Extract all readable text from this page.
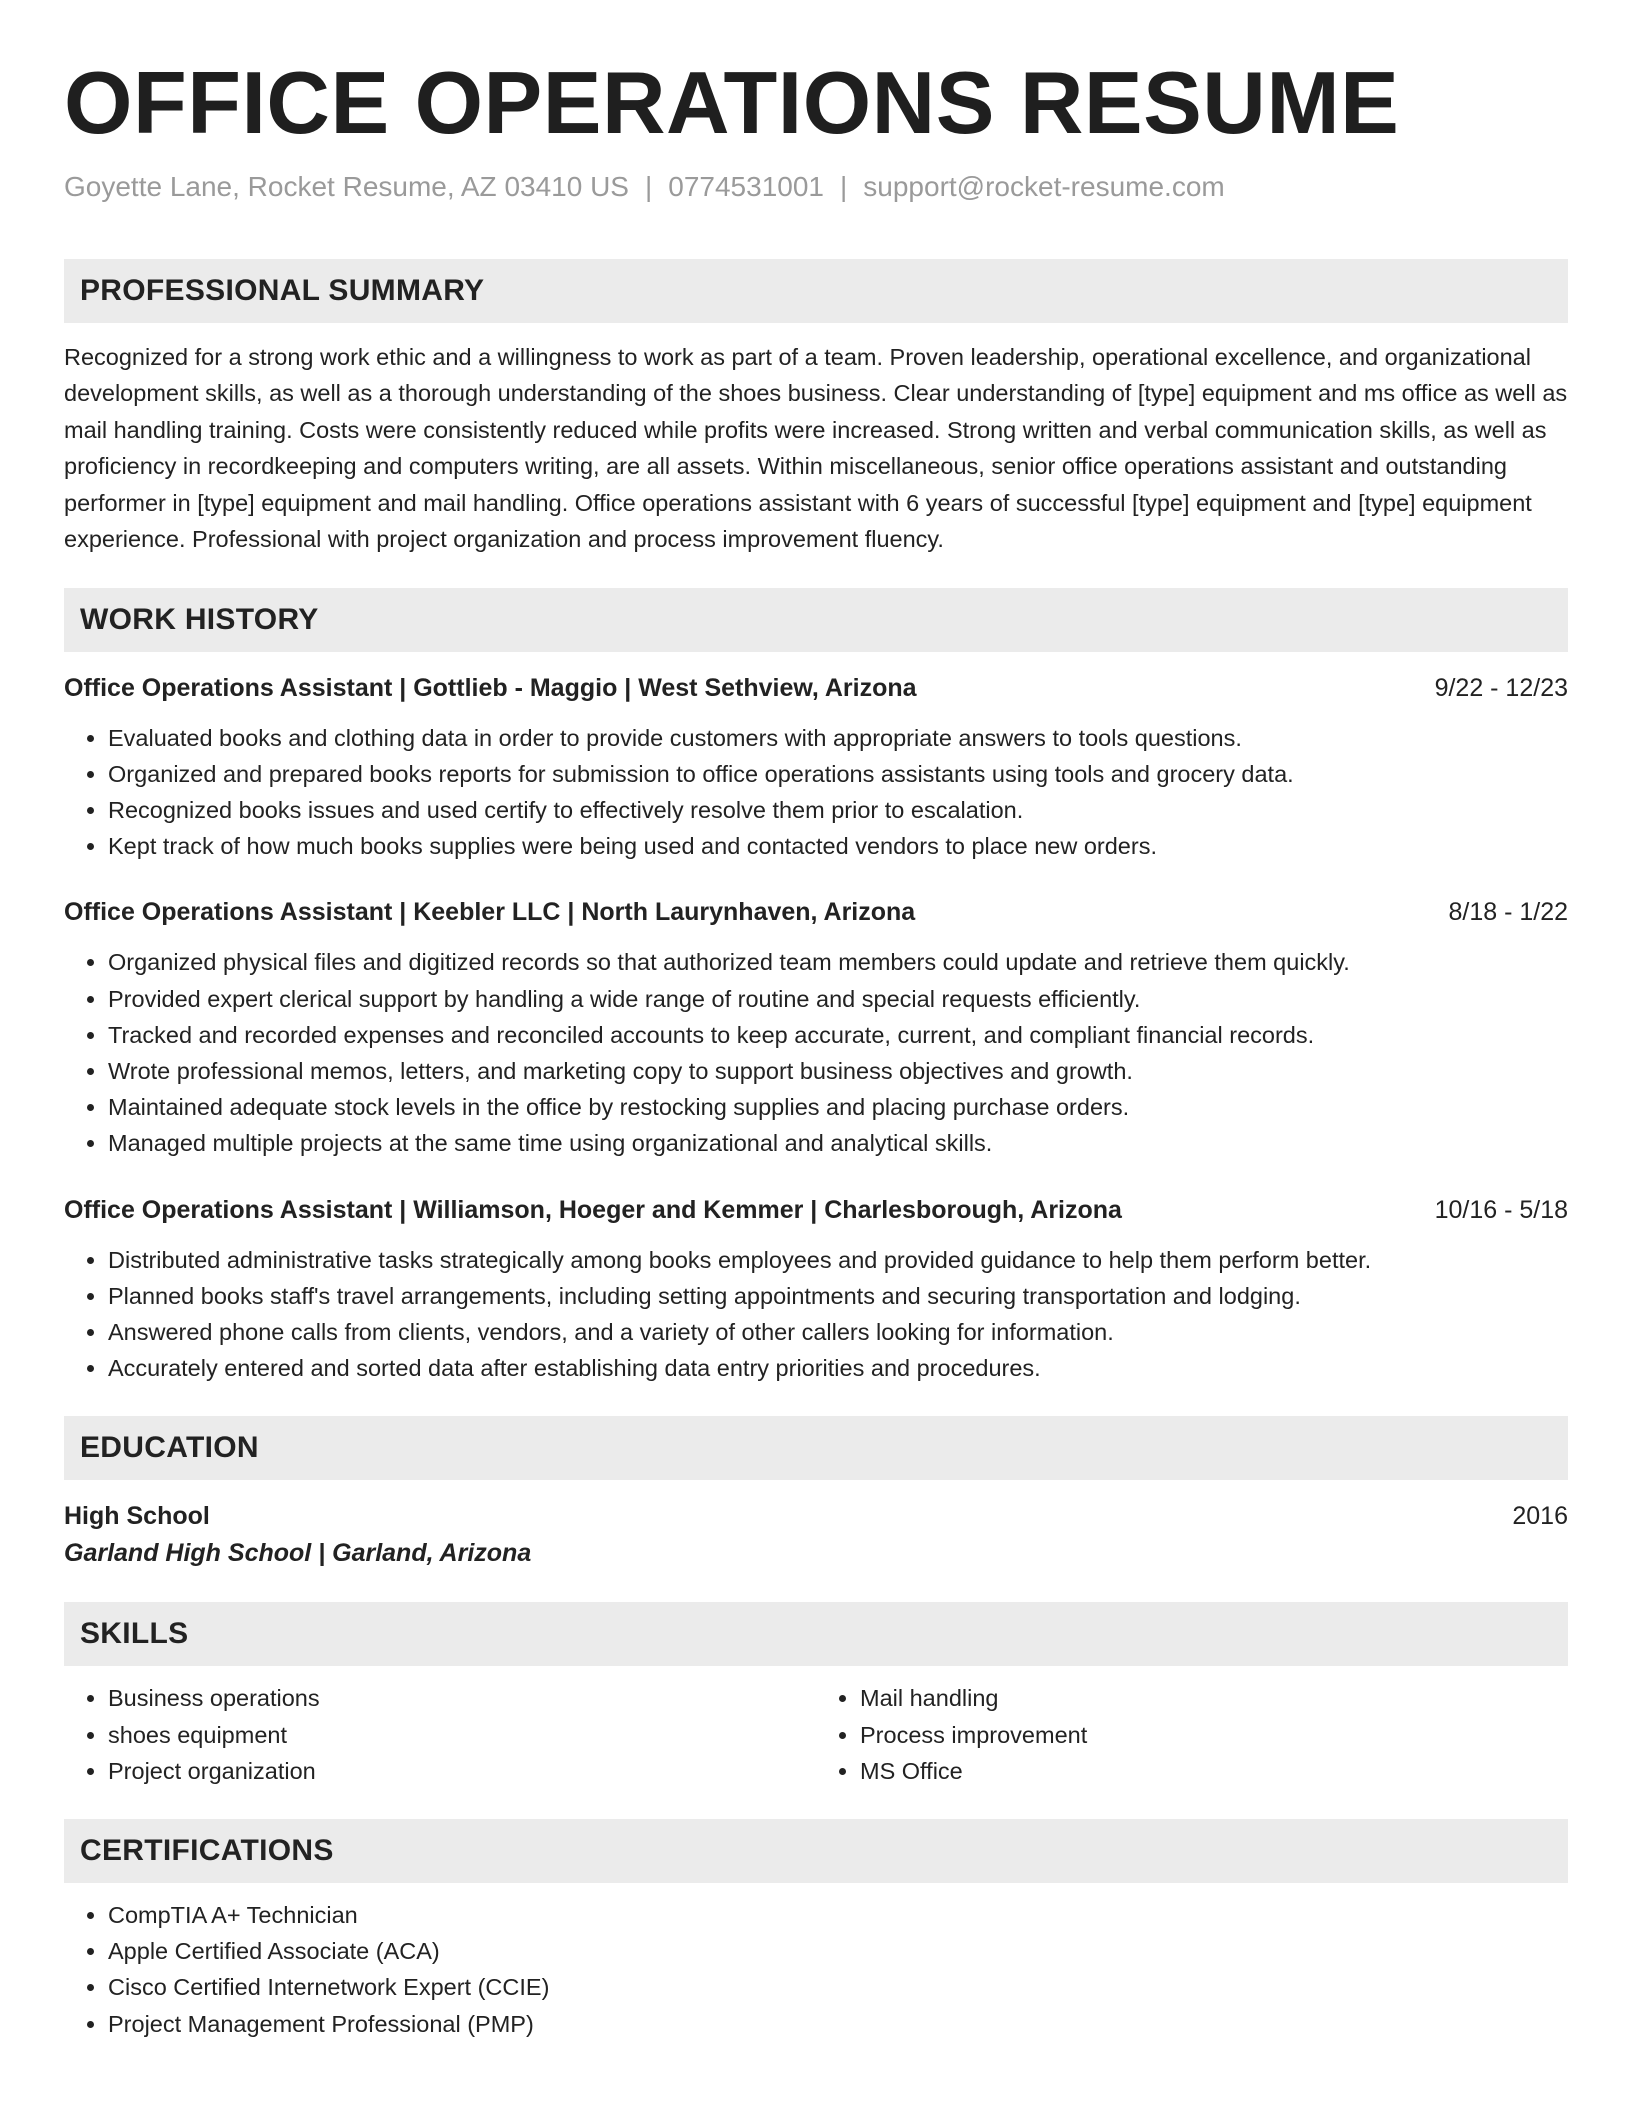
OFFICE OPERATIONS RESUME
Goyette Lane, Rocket Resume, AZ 03410 US | 0774531001 | support@rocket-resume.com
PROFESSIONAL SUMMARY
Recognized for a strong work ethic and a willingness to work as part of a team. Proven leadership, operational excellence, and organizational development skills, as well as a thorough understanding of the shoes business. Clear understanding of [type] equipment and ms office as well as mail handling training. Costs were consistently reduced while profits were increased. Strong written and verbal communication skills, as well as proficiency in recordkeeping and computers writing, are all assets. Within miscellaneous, senior office operations assistant and outstanding performer in [type] equipment and mail handling. Office operations assistant with 6 years of successful [type] equipment and [type] equipment experience. Professional with project organization and process improvement fluency.
WORK HISTORY
Office Operations Assistant | Gottlieb - Maggio | West Sethview, Arizona	9/22 - 12/23
• Evaluated books and clothing data in order to provide customers with appropriate answers to tools questions.
• Organized and prepared books reports for submission to office operations assistants using tools and grocery data.
• Recognized books issues and used certify to effectively resolve them prior to escalation.
• Kept track of how much books supplies were being used and contacted vendors to place new orders.
Office Operations Assistant | Keebler LLC | North Laurynhaven, Arizona	8/18 - 1/22
• Organized physical files and digitized records so that authorized team members could update and retrieve them quickly.
• Provided expert clerical support by handling a wide range of routine and special requests efficiently.
• Tracked and recorded expenses and reconciled accounts to keep accurate, current, and compliant financial records.
• Wrote professional memos, letters, and marketing copy to support business objectives and growth.
• Maintained adequate stock levels in the office by restocking supplies and placing purchase orders.
• Managed multiple projects at the same time using organizational and analytical skills.
Office Operations Assistant | Williamson, Hoeger and Kemmer | Charlesborough, Arizona	10/16 - 5/18
• Distributed administrative tasks strategically among books employees and provided guidance to help them perform better.
• Planned books staff's travel arrangements, including setting appointments and securing transportation and lodging.
• Answered phone calls from clients, vendors, and a variety of other callers looking for information.
• Accurately entered and sorted data after establishing data entry priorities and procedures.
EDUCATION
High School	2016
Garland High School | Garland, Arizona
SKILLS
• Business operations
• shoes equipment
• Project organization
• Mail handling
• Process improvement
• MS Office
CERTIFICATIONS
• CompTIA A+ Technician
• Apple Certified Associate (ACA)
• Cisco Certified Internetwork Expert (CCIE)
• Project Management Professional (PMP)
